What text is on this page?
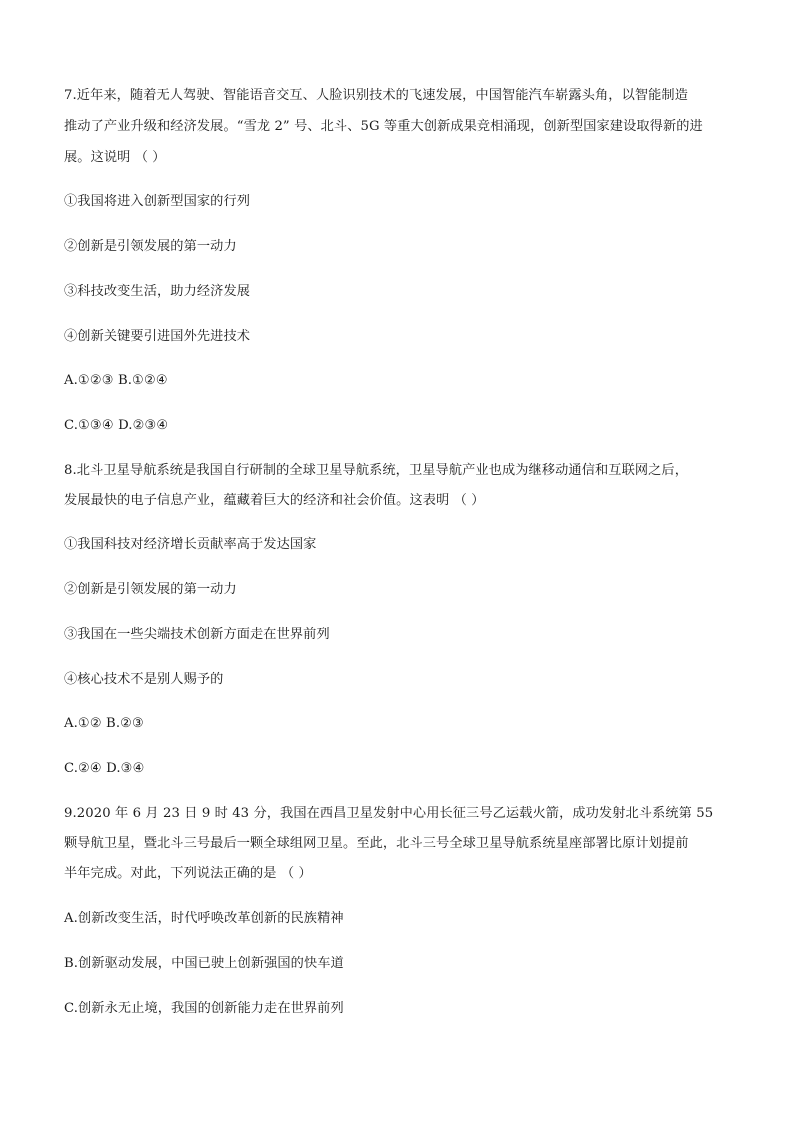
7.近年来，随着无人驾驶、智能语音交互、人脸识别技术的飞速发展，中国智能汽车崭露头角，以智能制造
推动了产业升级和经济发展。“雪龙 2” 号、北斗、5G 等重大创新成果竞相涌现，创新型国家建设取得新的进
展。这说明 （ ）
①我国将进入创新型国家的行列
②创新是引领发展的第一动力
③科技改变生活，助力经济发展
④创新关键要引进国外先进技术
A.①②③ B.①②④
C.①③④ D.②③④
8.北斗卫星导航系统是我国自行研制的全球卫星导航系统，卫星导航产业也成为继移动通信和互联网之后，
发展最快的电子信息产业，蕴藏着巨大的经济和社会价值。这表明 （ ）
①我国科技对经济增长贡献率高于发达国家
②创新是引领发展的第一动力
③我国在一些尖端技术创新方面走在世界前列
④核心技术不是别人赐予的
A.①② B.②③
C.②④ D.③④
9.2020 年 6 月 23 日 9 时 43 分，我国在西昌卫星发射中心用长征三号乙运载火箭，成功发射北斗系统第 55
颗导航卫星，暨北斗三号最后一颗全球组网卫星。至此，北斗三号全球卫星导航系统星座部署比原计划提前
半年完成。对此，下列说法正确的是 （ ）
A.创新改变生活，时代呼唤改革创新的民族精神
B.创新驱动发展，中国已驶上创新强国的快车道
C.创新永无止境，我国的创新能力走在世界前列
